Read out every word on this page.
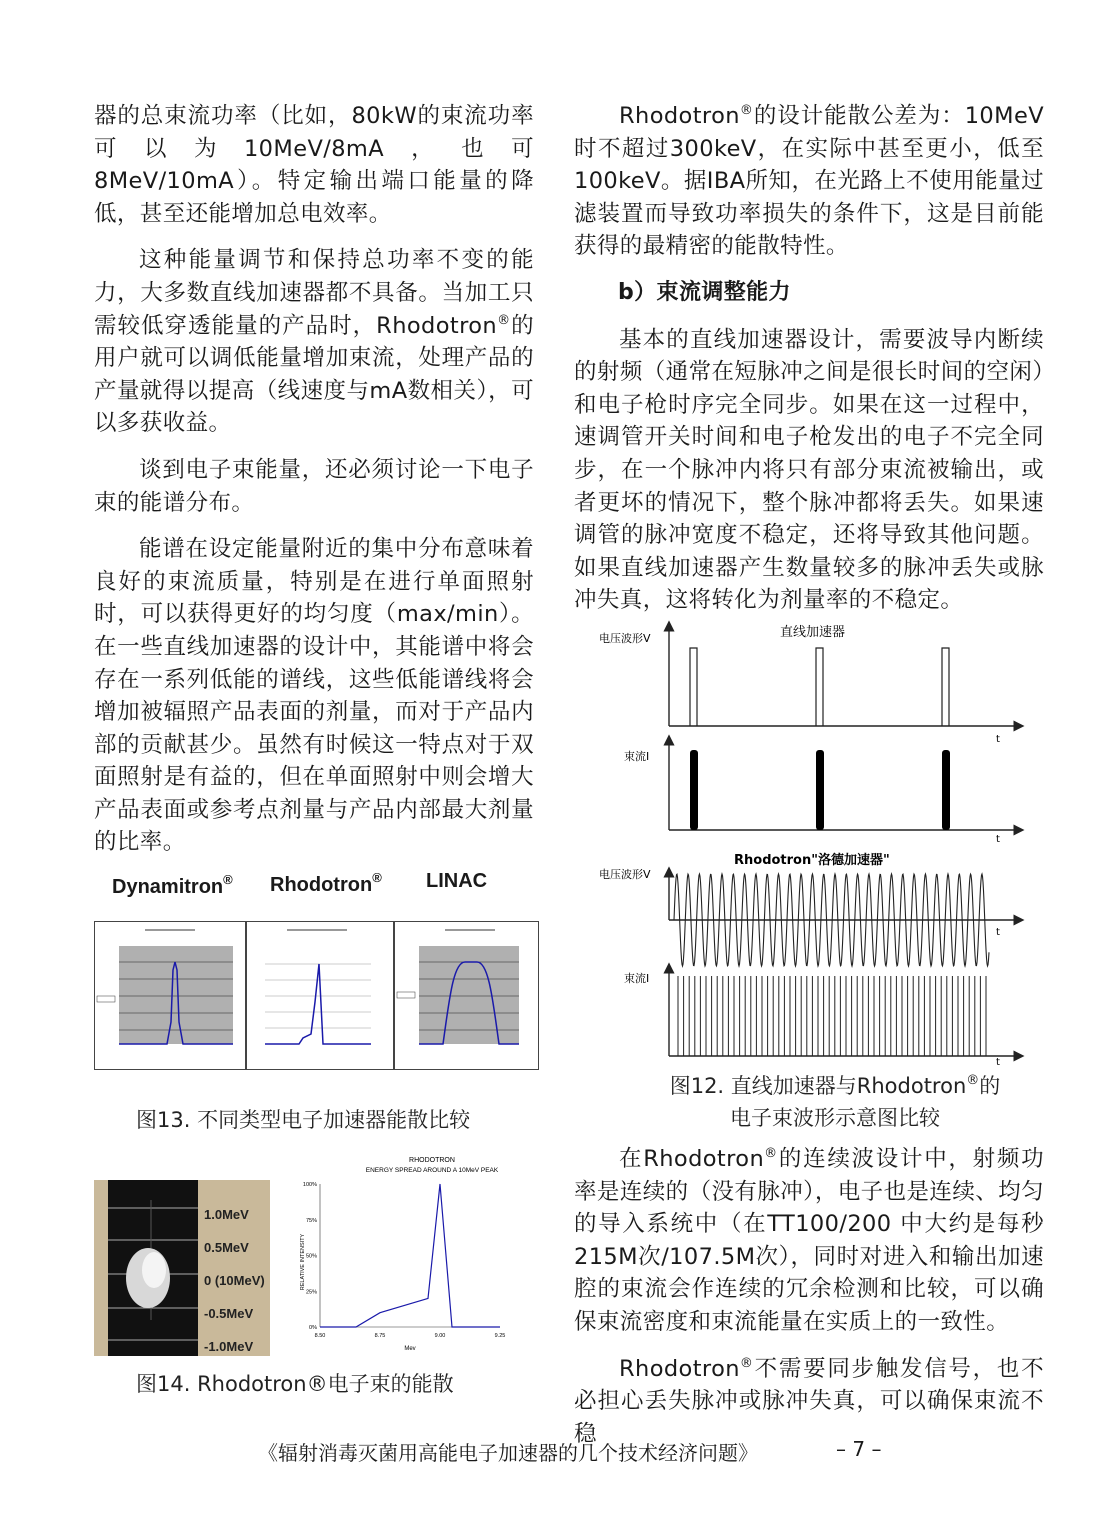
器的总束流功率（比如，80kW的束流功率可以为10MeV/8mA，也可8MeV/10mA）。特定输出端口能量的降低，甚至还能增加总电效率。

这种能量调节和保持总功率不变的能力，大多数直线加速器都不具备。当加工只需较低穿透能量的产品时，Rhodotron®的用户就可以调低能量增加束流，处理产品的产量就得以提高（线速度与mA数相关），可以多获收益。

谈到电子束能量，还必须讨论一下电子束的能谱分布。

能谱在设定能量附近的集中分布意味着良好的束流质量，特别是在进行单面照射时，可以获得更好的均匀度（max/min）。在一些直线加速器的设计中，其能谱中将会存在一系列低能的谱线，这些低能谱线将会增加被辐照产品表面的剂量，而对于产品内部的贡献甚少。虽然有时候这一特点对于双面照射是有益的，但在单面照射中则会增大产品表面或参考点剂量与产品内部最大剂量的比率。

Rhodotron®的设计能散公差为：10MeV时不超过300keV，在实际中甚至更小，低至100keV。据IBA所知，在光路上不使用能量过滤装置而导致功率损失的条件下，这是目前能获得的最精密的能散特性。

b）束流调整能力

基本的直线加速器设计，需要波导内断续的射频（通常在短脉冲之间是很长时间的空闲）和电子枪时序完全同步。如果在这一过程中，速调管开关时间和电子枪发出的电子不完全同步，在一个脉冲内将只有部分束流被输出，或者更坏的情况下，整个脉冲都将丢失。如果速调管的脉冲宽度不稳定，还将导致其他问题。如果直线加速器产生数量较多的脉冲丢失或脉冲失真，这将转化为剂量率的不稳定。

在Rhodotron®的连续波设计中，射频功率是连续的（没有脉冲），电子也是连续、均匀的导入系统中（在TT100/200 中大约是每秒215M次/107.5M次），同时对进入和输出加速腔的束流会作连续的冗余检测和比较，可以确保束流密度和束流能量在实质上的一致性。

Rhodotron®不需要同步触发信号，也不必担心丢失脉冲或脉冲失真，可以确保束流不稳

Dynamitron® Rhodotron® LINAC
图13. 不同类型电子加速器能散比较
1.0MeV
0.5MeV
0 (10MeV)
-0.5MeV
-1.0MeV
RHODOTRON
ENERGY SPREAD AROUND A 10MeV PEAK
RELATIVE INTENSITY
Mev
100%
75%
50%
25%
0%
8.50	8.75	9.00	9.25
图14. Rhodotron®电子束的能散
电压波形V	直线加速器
t
束流I
t
电压波形V
Rhodotron"洛德加速器"
t
束流I
t
图12. 直线加速器与Rhodotron®的
电子束波形示意图比较
《辐射消毒灭菌用高能电子加速器的几个技术经济问题》	– 7 –
